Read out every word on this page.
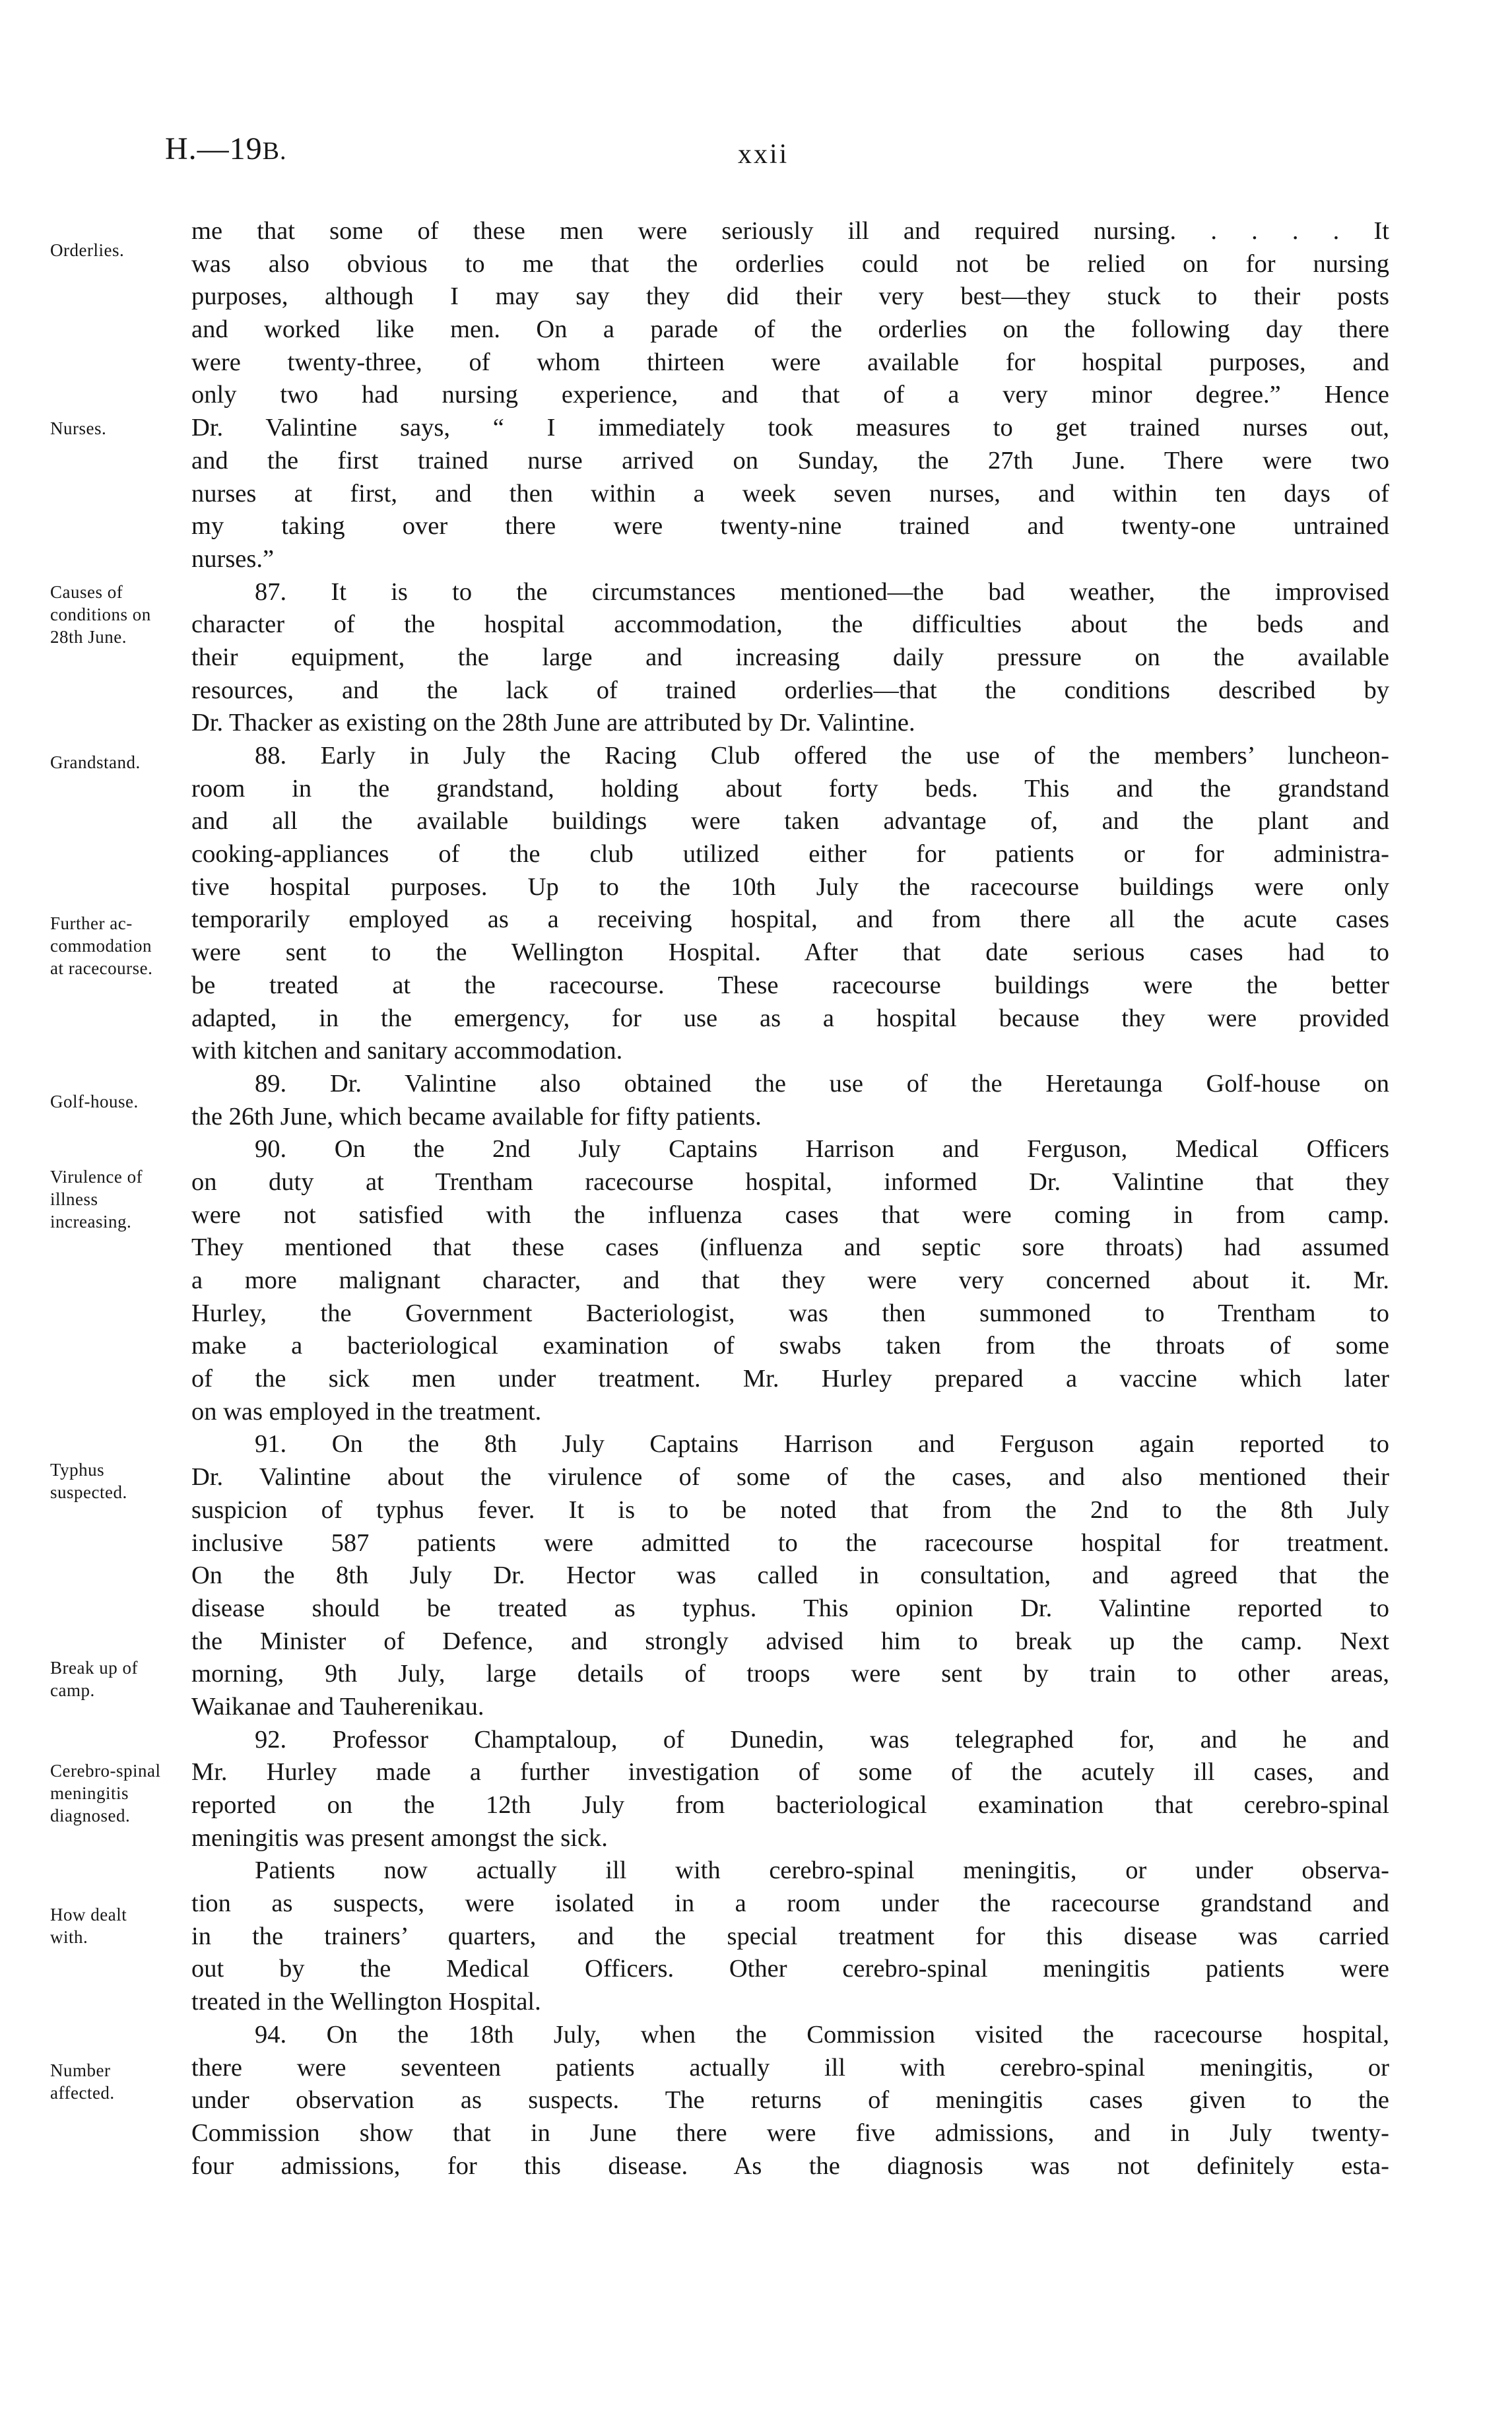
H.—19B.	xxii
Orderlies.
Nurses.
Causes of
conditions on
28th June.
Grandstand.
Further ac-
commodation
at racecourse.
Golf-house.
Virulence of
illness
increasing.
Typhus
suspected.
Break up of
camp.
Cerebro-spinal
meningitis
diagnosed.
How dealt
with.
Number
affected.
me that some of these men were seriously ill and required nursing. . . . . It
was also obvious to me that the orderlies could not be relied on for nursing
purposes, although I may say they did their very best—they stuck to their posts
and worked like men. On a parade of the orderlies on the following day there
were twenty-three, of whom thirteen were available for hospital purposes, and
only two had nursing experience, and that of a very minor degree.” Hence
Dr. Valintine says, “ I immediately took measures to get trained nurses out,
and the first trained nurse arrived on Sunday, the 27th June. There were two
nurses at first, and then within a week seven nurses, and within ten days of
my taking over there were twenty-nine trained and twenty-one untrained
nurses.”
87. It is to the circumstances mentioned—the bad weather, the improvised
character of the hospital accommodation, the difficulties about the beds and
their equipment, the large and increasing daily pressure on the available
resources, and the lack of trained orderlies—that the conditions described by
Dr. Thacker as existing on the 28th June are attributed by Dr. Valintine.
88. Early in July the Racing Club offered the use of the members’ luncheon-
room in the grandstand, holding about forty beds. This and the grandstand
and all the available buildings were taken advantage of, and the plant and
cooking-appliances of the club utilized either for patients or for administra-
tive hospital purposes. Up to the 10th July the racecourse buildings were only
temporarily employed as a receiving hospital, and from there all the acute cases
were sent to the Wellington Hospital. After that date serious cases had to
be treated at the racecourse. These racecourse buildings were the better
adapted, in the emergency, for use as a hospital because they were provided
with kitchen and sanitary accommodation.
89. Dr. Valintine also obtained the use of the Heretaunga Golf-house on
the 26th June, which became available for fifty patients.
90. On the 2nd July Captains Harrison and Ferguson, Medical Officers
on duty at Trentham racecourse hospital, informed Dr. Valintine that they
were not satisfied with the influenza cases that were coming in from camp.
They mentioned that these cases (influenza and septic sore throats) had assumed
a more malignant character, and that they were very concerned about it. Mr.
Hurley, the Government Bacteriologist, was then summoned to Trentham to
make a bacteriological examination of swabs taken from the throats of some
of the sick men under treatment. Mr. Hurley prepared a vaccine which later
on was employed in the treatment.
91. On the 8th July Captains Harrison and Ferguson again reported to
Dr. Valintine about the virulence of some of the cases, and also mentioned their
suspicion of typhus fever. It is to be noted that from the 2nd to the 8th July
inclusive 587 patients were admitted to the racecourse hospital for treatment.
On the 8th July Dr. Hector was called in consultation, and agreed that the
disease should be treated as typhus. This opinion Dr. Valintine reported to
the Minister of Defence, and strongly advised him to break up the camp. Next
morning, 9th July, large details of troops were sent by train to other areas,
Waikanae and Tauherenikau.
92. Professor Champtaloup, of Dunedin, was telegraphed for, and he and
Mr. Hurley made a further investigation of some of the acutely ill cases, and
reported on the 12th July from bacteriological examination that cerebro-spinal
meningitis was present amongst the sick.
Patients now actually ill with cerebro-spinal meningitis, or under observa-
tion as suspects, were isolated in a room under the racecourse grandstand and
in the trainers’ quarters, and the special treatment for this disease was carried
out by the Medical Officers. Other cerebro-spinal meningitis patients were
treated in the Wellington Hospital.
94. On the 18th July, when the Commission visited the racecourse hospital,
there were seventeen patients actually ill with cerebro-spinal meningitis, or
under observation as suspects. The returns of meningitis cases given to the
Commission show that in June there were five admissions, and in July twenty-
four admissions, for this disease. As the diagnosis was not definitely esta-
